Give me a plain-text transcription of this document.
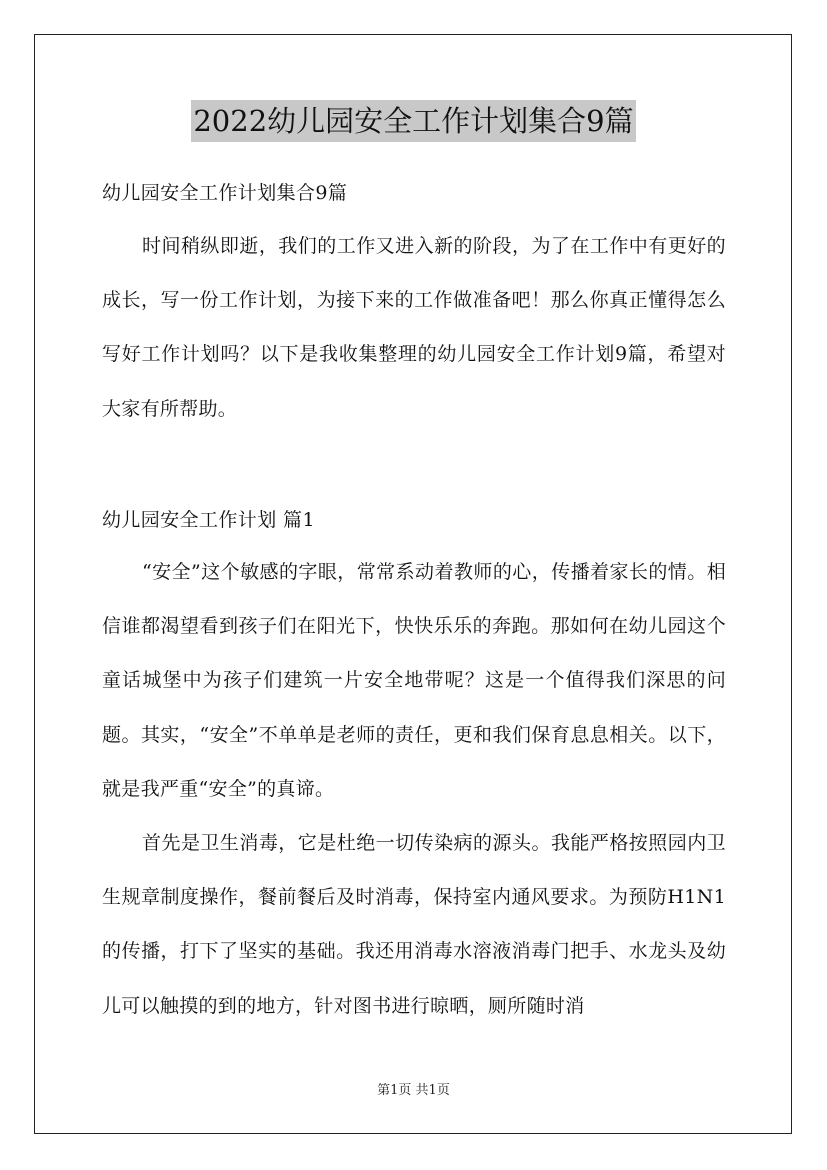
2022幼儿园安全工作计划集合9篇
幼儿园安全工作计划集合9篇
时间稍纵即逝，我们的工作又进入新的阶段，为了在工作中有更好的成长，写一份工作计划，为接下来的工作做准备吧！那么你真正懂得怎么写好工作计划吗？以下是我收集整理的幼儿园安全工作计划9篇，希望对大家有所帮助。
幼儿园安全工作计划 篇1
“安全”这个敏感的字眼，常常系动着教师的心，传播着家长的情。相信谁都渴望看到孩子们在阳光下，快快乐乐的奔跑。那如何在幼儿园这个童话城堡中为孩子们建筑一片安全地带呢？这是一个值得我们深思的问题。其实，“安全”不单单是老师的责任，更和我们保育息息相关。以下，就是我严重“安全”的真谛。
首先是卫生消毒，它是杜绝一切传染病的源头。我能严格按照园内卫生规章制度操作，餐前餐后及时消毒，保持室内通风要求。为预防H1N1的传播，打下了坚实的基础。我还用消毒水溶液消毒门把手、水龙头及幼儿可以触摸的到的地方，针对图书进行晾晒，厕所随时消
第1页 共1页
